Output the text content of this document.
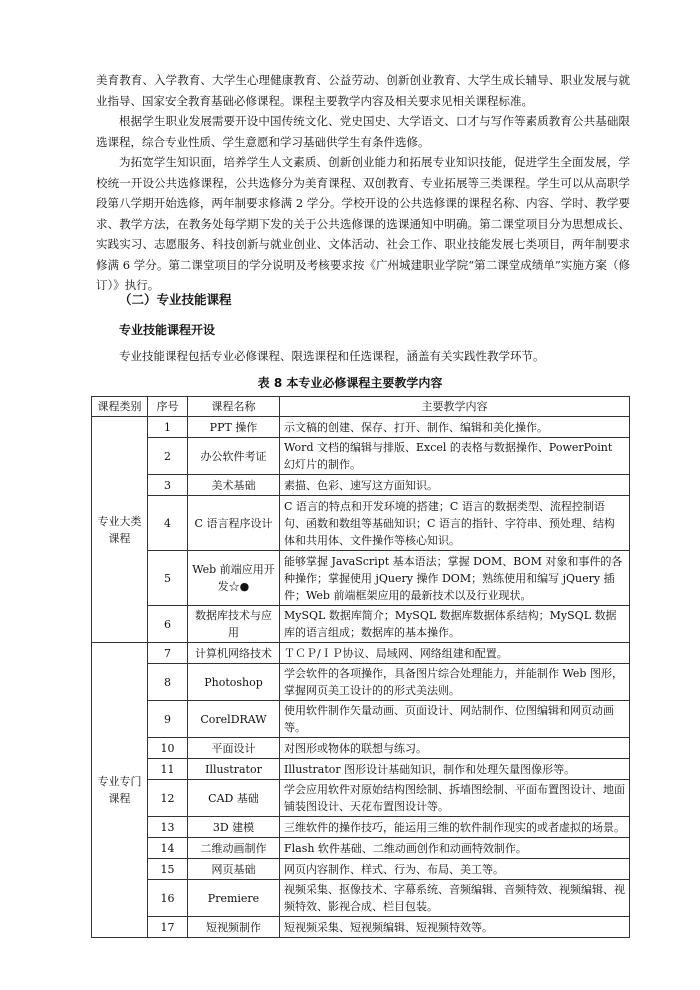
美育教育、入学教育、大学生心理健康教育、公益劳动、创新创业教育、大学生成长辅导、职业发展与就业指导、国家安全教育基础必修课程。课程主要教学内容及相关要求见相关课程标准。

根据学生职业发展需要开设中国传统文化、党史国史、大学语文、口才与写作等素质教育公共基础限选课程，综合专业性质、学生意愿和学习基础供学生有条件选修。

为拓宽学生知识面，培养学生人文素质、创新创业能力和拓展专业知识技能，促进学生全面发展，学校统一开设公共选修课程，公共选修分为美育课程、双创教育、专业拓展等三类课程。学生可以从高职学段第八学期开始选修，两年制要求修满 2 学分。学校开设的公共选修课的课程名称、内容、学时、教学要求、教学方法，在教务处每学期下发的关于公共选修课的选课通知中明确。第二课堂项目分为思想成长、实践实习、志愿服务、科技创新与就业创业、文体活动、社会工作、职业技能发展七类项目，两年制要求修满 6 学分。第二课堂项目的学分说明及考核要求按《广州城建职业学院“第二课堂成绩单”实施方案（修订）》执行。

（二）专业技能课程
专业技能课程开设

专业技能课程包括专业必修课程、限选课程和任选课程，涵盖有关实践性教学环节。

表 8 本专业必修课程主要教学内容
课程类别	序号	课程名称	主要教学内容
专业大类课程	1	PPT 操作	示文稿的创建、保存、打开、制作、编辑和美化操作。
	2	办公软件考证	Word 文档的编辑与排版、Excel 的表格与数据操作、PowerPoint 幻灯片的制作。
	3	美术基础	素描、色彩、速写这方面知识。
	4	C 语言程序设计	C 语言的特点和开发环境的搭建；C 语言的数据类型、流程控制语句、函数和数组等基础知识；C 语言的指针、字符串、预处理、结构体和共用体、文件操作等核心知识。
	5	Web 前端应用开发☆●	能够掌握 JavaScript 基本语法；掌握 DOM、BOM 对象和事件的各种操作；掌握使用 jQuery 操作 DOM；熟练使用和编写 jQuery 插件；Web 前端框架应用的最新技术以及行业现状。
	6	数据库技术与应用	MySQL 数据库简介；MySQL 数据库数据体系结构；MySQL 数据库的语言组成；数据库的基本操作。
专业专门课程	7	计算机网络技术	ＴＣＰ/ＩＰ协议、局域网、网络组建和配置。
	8	Photoshop	学会软件的各项操作，具备图片综合处理能力，并能制作 Web 图形，掌握网页美工设计的的形式美法则。
	9	CorelDRAW	使用软件制作矢量动画、页面设计、网站制作、位图编辑和网页动画等。
	10	平面设计	对图形或物体的联想与练习。
	11	Illustrator	Illustrator 图形设计基础知识，制作和处理矢量图像形等。
	12	CAD 基础	学会应用软件对原始结构图绘制、拆墙图绘制、平面布置图设计、地面铺装图设计、天花布置图设计等。
	13	3D 建模	三维软件的操作技巧，能运用三维的软件制作现实的或者虚拟的场景。
	14	二维动画制作	Flash 软件基础、二维动画创作和动画特效制作。
	15	网页基础	网页内容制作、样式、行为、布局、美工等。
	16	Premiere	视频采集、抠像技术、字幕系统、音频编辑、音频特效、视频编辑、视频特效、影视合成、栏目包装。
	17	短视频制作	短视频采集、短视频编辑、短视频特效等。
